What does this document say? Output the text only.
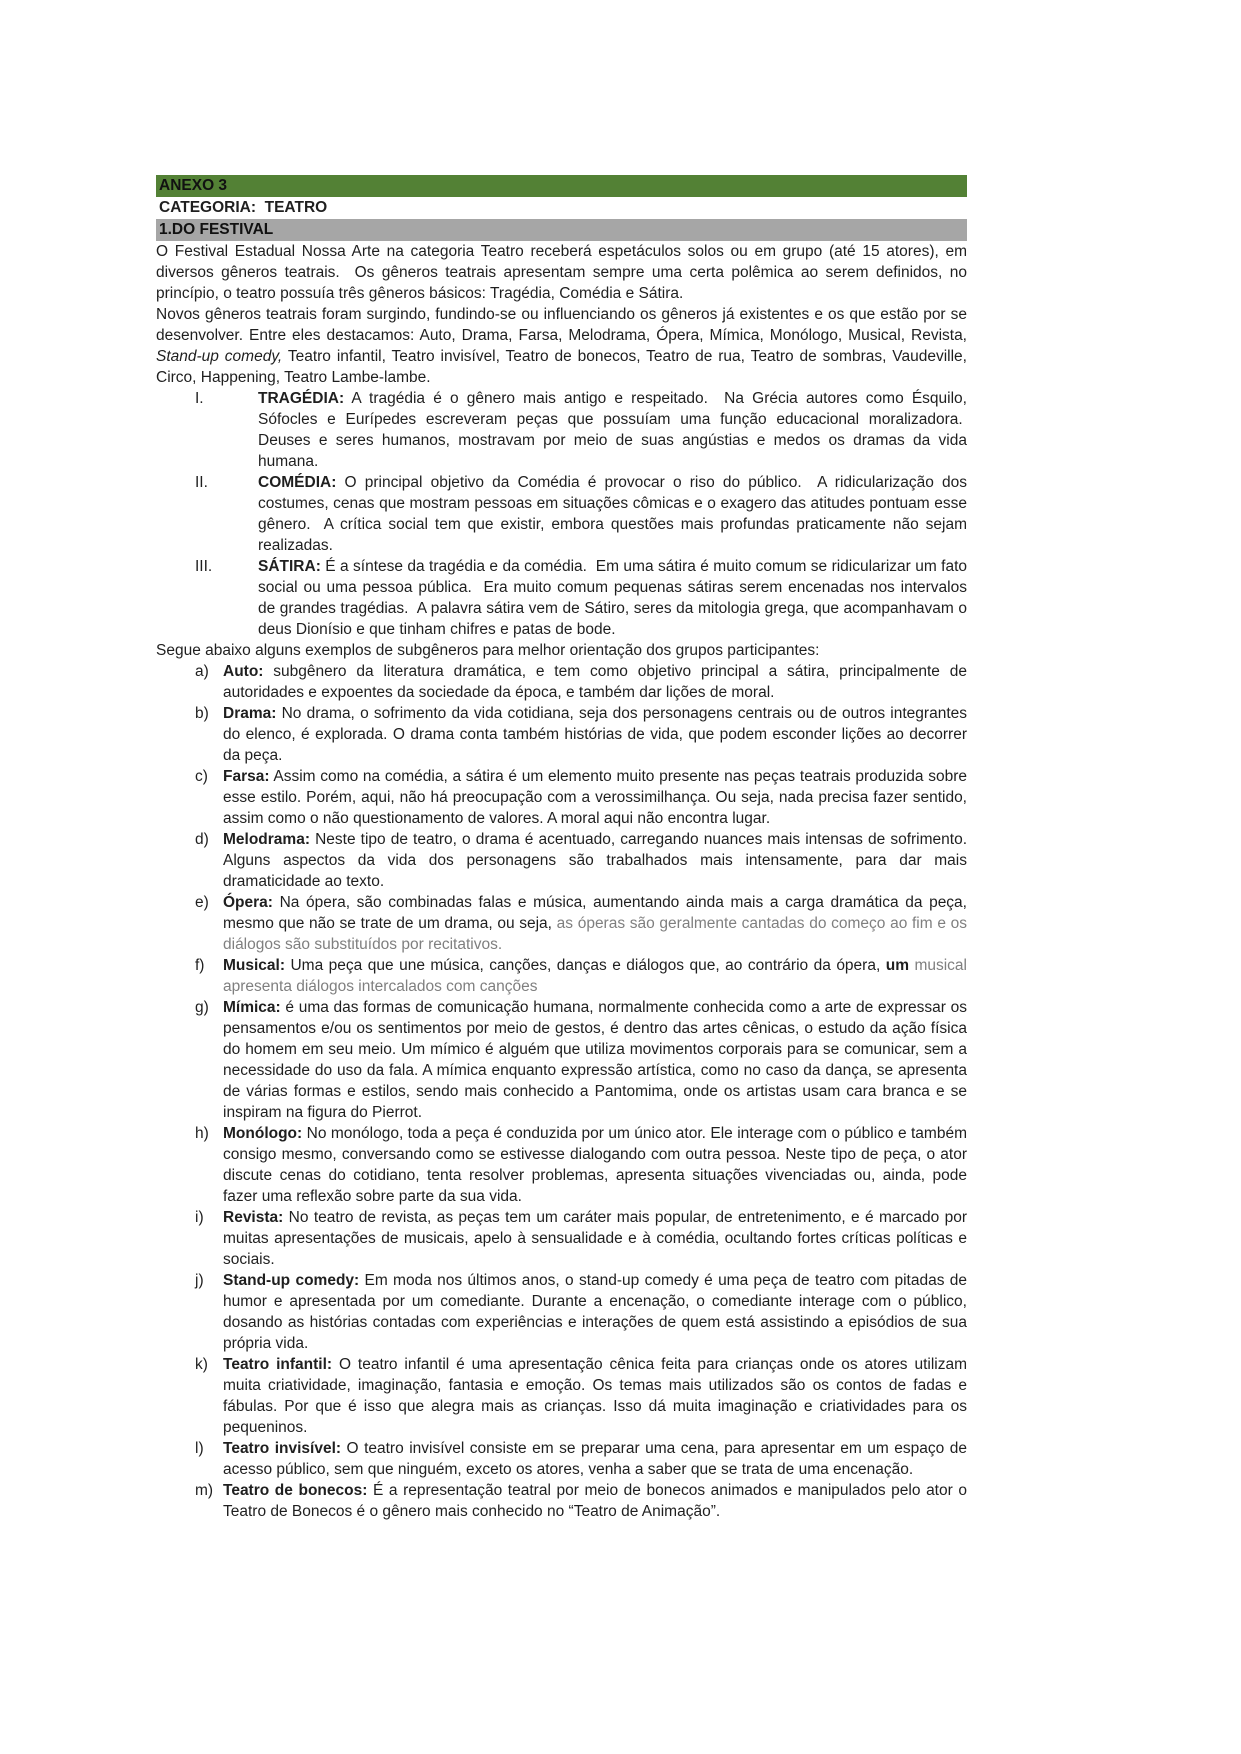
ANEXO 3
CATEGORIA:  TEATRO
1.DO FESTIVAL
O Festival Estadual Nossa Arte na categoria Teatro receberá espetáculos solos ou em grupo (até 15 atores), em diversos gêneros teatrais.  Os gêneros teatrais apresentam sempre uma certa polêmica ao serem definidos, no princípio, o teatro possuía três gêneros básicos: Tragédia, Comédia e Sátira.
Novos gêneros teatrais foram surgindo, fundindo-se ou influenciando os gêneros já existentes e os que estão por se desenvolver. Entre eles destacamos: Auto, Drama, Farsa, Melodrama, Ópera, Mímica, Monólogo, Musical, Revista, Stand-up comedy, Teatro infantil, Teatro invisível, Teatro de bonecos, Teatro de rua, Teatro de sombras, Vaudeville, Circo, Happening, Teatro Lambe-lambe.
I.	TRAGÉDIA: A tragédia é o gênero mais antigo e respeitado.  Na Grécia autores como Ésquilo, Sófocles e Eurípedes escreveram peças que possuíam uma função educacional moralizadora.  Deuses e seres humanos, mostravam por meio de suas angústias e medos os dramas da vida humana.
II.	COMÉDIA: O principal objetivo da Comédia é provocar o riso do público.  A ridicularização dos costumes, cenas que mostram pessoas em situações cômicas e o exagero das atitudes pontuam esse gênero.  A crítica social tem que existir, embora questões mais profundas praticamente não sejam realizadas.
III.	SÁTIRA: É a síntese da tragédia e da comédia.  Em uma sátira é muito comum se ridicularizar um fato social ou uma pessoa pública.  Era muito comum pequenas sátiras serem encenadas nos intervalos de grandes tragédias.  A palavra sátira vem de Sátiro, seres da mitologia grega, que acompanhavam o deus Dionísio e que tinham chifres e patas de bode.
Segue abaixo alguns exemplos de subgêneros para melhor orientação dos grupos participantes:
a) Auto: subgênero da literatura dramática, e tem como objetivo principal a sátira, principalmente de autoridades e expoentes da sociedade da época, e também dar lições de moral.
b) Drama: No drama, o sofrimento da vida cotidiana, seja dos personagens centrais ou de outros integrantes do elenco, é explorada. O drama conta também histórias de vida, que podem esconder lições ao decorrer da peça.
c) Farsa: Assim como na comédia, a sátira é um elemento muito presente nas peças teatrais produzida sobre esse estilo. Porém, aqui, não há preocupação com a verossimilhança. Ou seja, nada precisa fazer sentido, assim como o não questionamento de valores. A moral aqui não encontra lugar.
d) Melodrama: Neste tipo de teatro, o drama é acentuado, carregando nuances mais intensas de sofrimento. Alguns aspectos da vida dos personagens são trabalhados mais intensamente, para dar mais dramaticidade ao texto.
e) Ópera: Na ópera, são combinadas falas e música, aumentando ainda mais a carga dramática da peça, mesmo que não se trate de um drama, ou seja, as óperas são geralmente cantadas do começo ao fim e os diálogos são substituídos por recitativos.
f)	Musical: Uma peça que une música, canções, danças e diálogos que, ao contrário da ópera, um musical apresenta diálogos intercalados com canções
g) Mímica: é uma das formas de comunicação humana, normalmente conhecida como a arte de expressar os pensamentos e/ou os sentimentos por meio de gestos, é dentro das artes cênicas, o estudo da ação física do homem em seu meio. Um mímico é alguém que utiliza movimentos corporais para se comunicar, sem a necessidade do uso da fala. A mímica enquanto expressão artística, como no caso da dança, se apresenta de várias formas e estilos, sendo mais conhecido a Pantomima, onde os artistas usam cara branca e se inspiram na figura do Pierrot.
h) Monólogo: No monólogo, toda a peça é conduzida por um único ator. Ele interage com o público e também consigo mesmo, conversando como se estivesse dialogando com outra pessoa. Neste tipo de peça, o ator discute cenas do cotidiano, tenta resolver problemas, apresenta situações vivenciadas ou, ainda, pode fazer uma reflexão sobre parte da sua vida.
i)	Revista: No teatro de revista, as peças tem um caráter mais popular, de entretenimento, e é marcado por muitas apresentações de musicais, apelo à sensualidade e à comédia, ocultando fortes críticas políticas e sociais.
j)	Stand-up comedy: Em moda nos últimos anos, o stand-up comedy é uma peça de teatro com pitadas de humor e apresentada por um comediante. Durante a encenação, o comediante interage com o público, dosando as histórias contadas com experiências e interações de quem está assistindo a episódios de sua própria vida.
k) Teatro infantil: O teatro infantil é uma apresentação cênica feita para crianças onde os atores utilizam muita criatividade, imaginação, fantasia e emoção. Os temas mais utilizados são os contos de fadas e fábulas. Por que é isso que alegra mais as crianças. Isso dá muita imaginação e criatividades para os pequeninos.
l)	Teatro invisível: O teatro invisível consiste em se preparar uma cena, para apresentar em um espaço de acesso público, sem que ninguém, exceto os atores, venha a saber que se trata de uma encenação.
m) Teatro de bonecos: É a representação teatral por meio de bonecos animados e manipulados pelo ator o Teatro de Bonecos é o gênero mais conhecido no “Teatro de Animação”.
